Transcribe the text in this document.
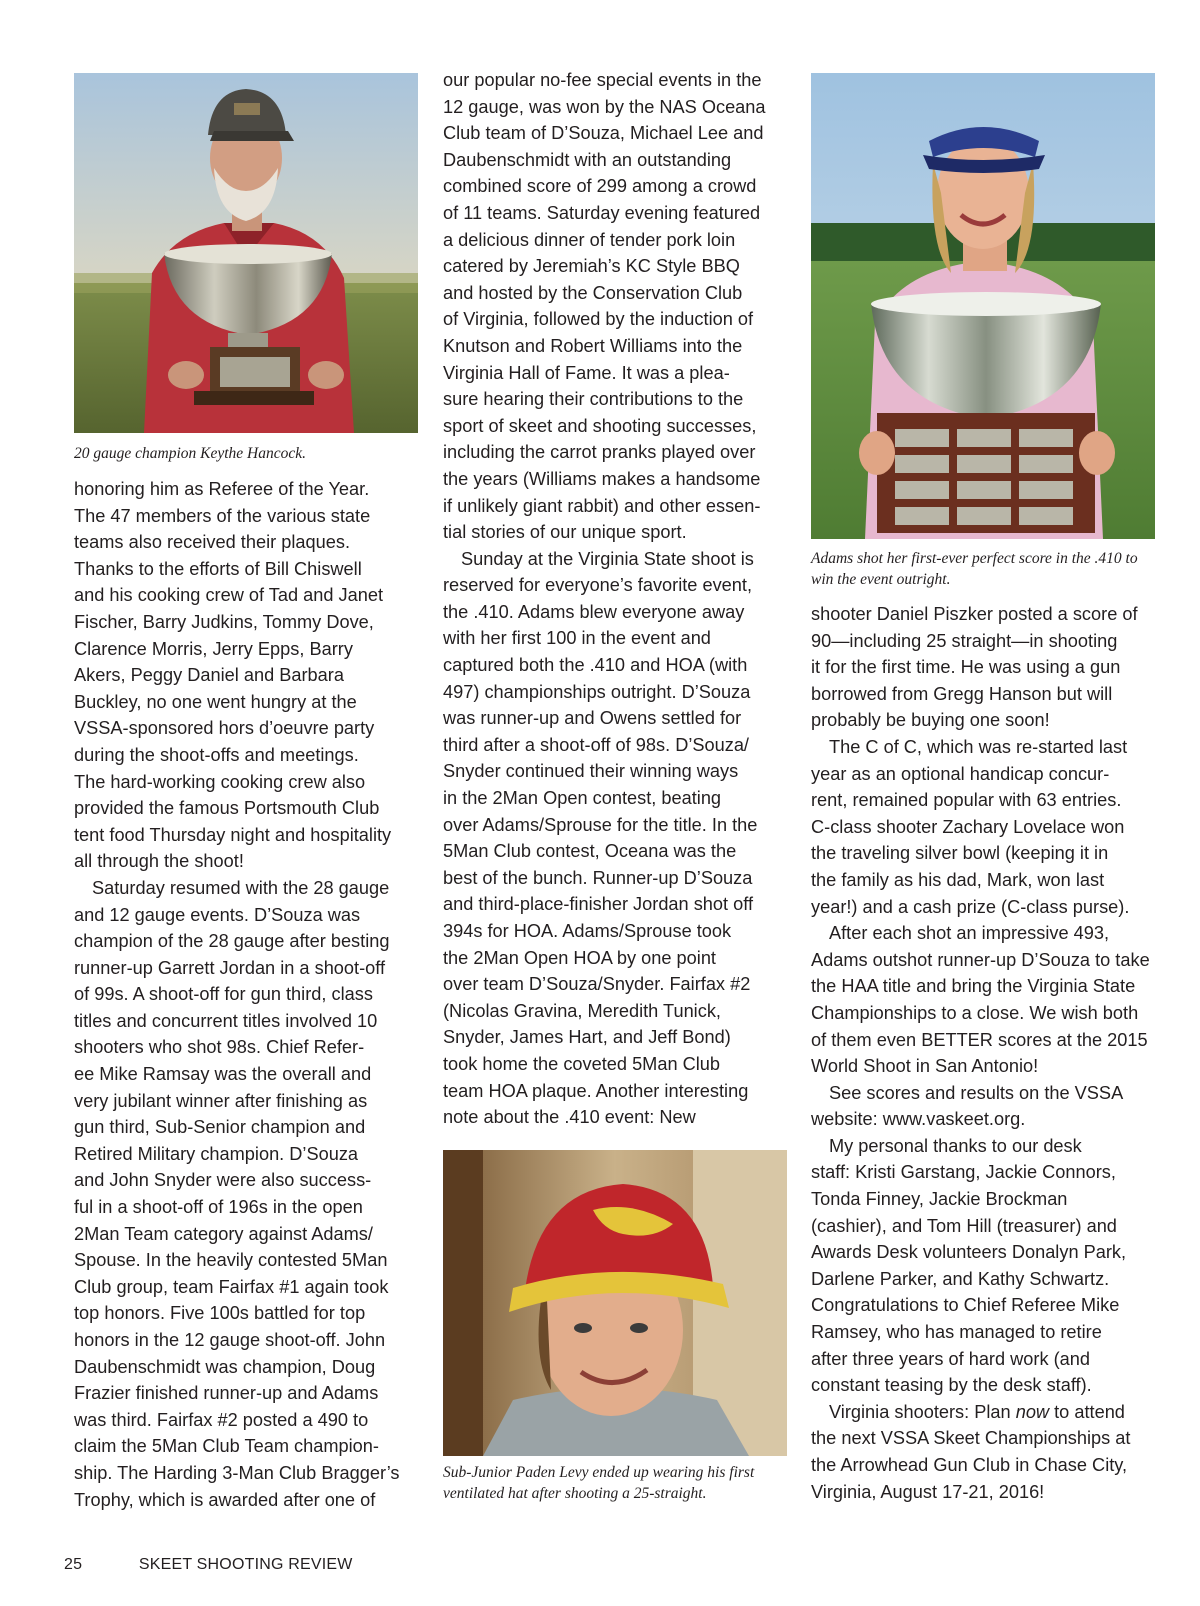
20 gauge champion Keythe Hancock.
Adams shot her first-ever perfect score in the .410 to win the event outright.
Sub-Junior Paden Levy ended up wearing his first ventilated hat after shooting a 25-straight.
honoring him as Referee of the Year.
The 47 members of the various state
teams also received their plaques.
Thanks to the efforts of Bill Chiswell
and his cooking crew of Tad and Janet
Fischer, Barry Judkins, Tommy Dove,
Clarence Morris, Jerry Epps, Barry
Akers, Peggy Daniel and Barbara
Buckley, no one went hungry at the
VSSA-sponsored hors d’oeuvre party
during the shoot-offs and meetings.
The hard-working cooking crew also
provided the famous Portsmouth Club
tent food Thursday night and hospitality
all through the shoot!
Saturday resumed with the 28 gauge
and 12 gauge events. D’Souza was
champion of the 28 gauge after besting
runner-up Garrett Jordan in a shoot-off
of 99s. A shoot-off for gun third, class
titles and concurrent titles involved 10
shooters who shot 98s. Chief Refer-
ee Mike Ramsay was the overall and
very jubilant winner after finishing as
gun third, Sub-Senior champion and
Retired Military champion. D’Souza
and John Snyder were also success-
ful in a shoot-off of 196s in the open
2Man Team category against Adams/
Spouse. In the heavily contested 5Man
Club group, team Fairfax #1 again took
top honors. Five 100s battled for top
honors in the 12 gauge shoot-off. John
Daubenschmidt was champion, Doug
Frazier finished runner-up and Adams
was third. Fairfax #2 posted a 490 to
claim the 5Man Club Team champion-
ship. The Harding 3-Man Club Bragger’s
Trophy, which is awarded after one of
our popular no-fee special events in the
12 gauge, was won by the NAS Oceana
Club team of D’Souza, Michael Lee and
Daubenschmidt with an outstanding
combined score of 299 among a crowd
of 11 teams. Saturday evening featured
a delicious dinner of tender pork loin
catered by Jeremiah’s KC Style BBQ
and hosted by the Conservation Club
of Virginia, followed by the induction of
Knutson and Robert Williams into the
Virginia Hall of Fame. It was a plea-
sure hearing their contributions to the
sport of skeet and shooting successes,
including the carrot pranks played over
the years (Williams makes a handsome
if unlikely giant rabbit) and other essen-
tial stories of our unique sport.
Sunday at the Virginia State shoot is
reserved for everyone’s favorite event,
the .410. Adams blew everyone away
with her first 100 in the event and
captured both the .410 and HOA (with
497) championships outright. D’Souza
was runner-up and Owens settled for
third after a shoot-off of 98s. D’Souza/
Snyder continued their winning ways
in the 2Man Open contest, beating
over Adams/Sprouse for the title. In the
5Man Club contest, Oceana was the
best of the bunch. Runner-up D’Souza
and third-place-finisher Jordan shot off
394s for HOA. Adams/Sprouse took
the 2Man Open HOA by one point
over team D’Souza/Snyder. Fairfax #2
(Nicolas Gravina, Meredith Tunick,
Snyder, James Hart, and Jeff Bond)
took home the coveted 5Man Club
team HOA plaque. Another interesting
note about the .410 event: New
shooter Daniel Piszker posted a score of
90—including 25 straight—in shooting
it for the first time. He was using a gun
borrowed from Gregg Hanson but will
probably be buying one soon!
The C of C, which was re-started last
year as an optional handicap concur-
rent, remained popular with 63 entries.
C-class shooter Zachary Lovelace won
the traveling silver bowl (keeping it in
the family as his dad, Mark, won last
year!) and a cash prize (C-class purse).
After each shot an impressive 493,
Adams outshot runner-up D’Souza to take
the HAA title and bring the Virginia State
Championships to a close. We wish both
of them even BETTER scores at the 2015
World Shoot in San Antonio!
See scores and results on the VSSA
website: www.vaskeet.org.
My personal thanks to our desk
staff: Kristi Garstang, Jackie Connors,
Tonda Finney, Jackie Brockman
(cashier), and Tom Hill (treasurer) and
Awards Desk volunteers Donalyn Park,
Darlene Parker, and Kathy Schwartz.
Congratulations to Chief Referee Mike
Ramsey, who has managed to retire
after three years of hard work (and
constant teasing by the desk staff).
Virginia shooters: Plan now to attend
the next VSSA Skeet Championships at
the Arrowhead Gun Club in Chase City,
Virginia, August 17-21, 2016!
25	SKEET SHOOTING REVIEW
